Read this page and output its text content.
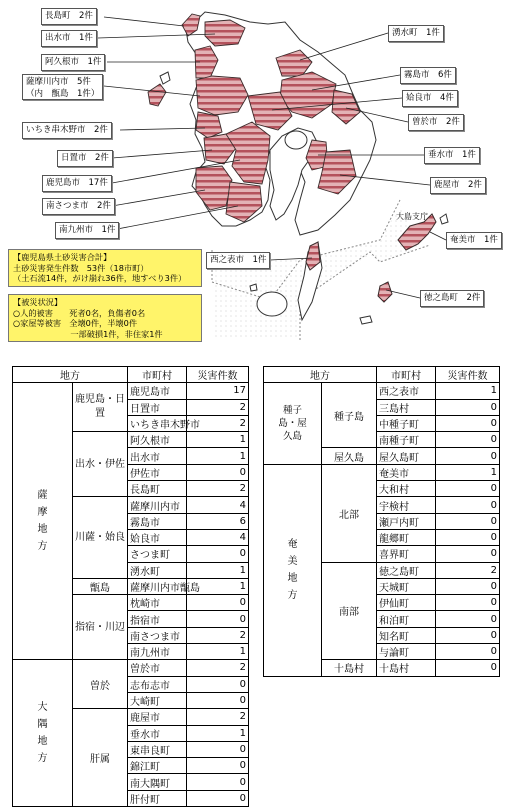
長島町　2件
出水市　1件
阿久根市　1件
薩摩川内市　5件
（内　甑島　1件）
いちき串木野市　2件
日置市　2件
鹿児島市　17件
南さつま市　2件
南九州市　1件
湧水町　1件
霧島市　6件
姶良市　4件
曽於市　2件
垂水市　1件
鹿屋市　2件
西之表市　1件
奄美市　1件
徳之島町　2件
大島支庁
【鹿児島県土砂災害合計】
土砂災害発生件数　53件（18市町）
（土石流14件，がけ崩れ36件，地すべり3件）
【被災状況】
○人的被害　　死者0名，負傷者0名
○家屋等被害　全壊0件，半壊0件
　　　　　　　一部破損1件，非住家1件
地方		市町村	災害件数
薩摩地方	鹿児島・日置	鹿児島市	17
		日置市	2
		いちき串木野市	2
	出水・伊佐	阿久根市	1
		出水市	1
		伊佐市	0
		長島町	2
	川薩・始良	薩摩川内市	4
		霧島市	6
		姶良市	4
		さつま町	0
		湧水町	1
	甑島	薩摩川内市甑島	1
	指宿・川辺	枕崎市	0
		指宿市	0
		南さつま市	2
		南九州市	1
大隅地方	曽於	曽於市	2
		志布志市	0
		大崎町	0
	肝属	鹿屋市	2
		垂水市	1
		東串良町	0
		錦江町	0
		南大隅町	0
		肝付町	0
地方		市町村	災害件数
種子島・屋久島	種子島	西之表市	1
		三島村	0
		中種子町	0
		南種子町	0
	屋久島	屋久島町	0
奄美地方	北部	奄美市	1
		大和村	0
		宇検村	0
		瀬戸内町	0
		龍郷町	0
		喜界町	0
	南部	徳之島町	2
		天城町	0
		伊仙町	0
		和泊町	0
		知名町	0
		与論町	0
	十島村	十島村	0
